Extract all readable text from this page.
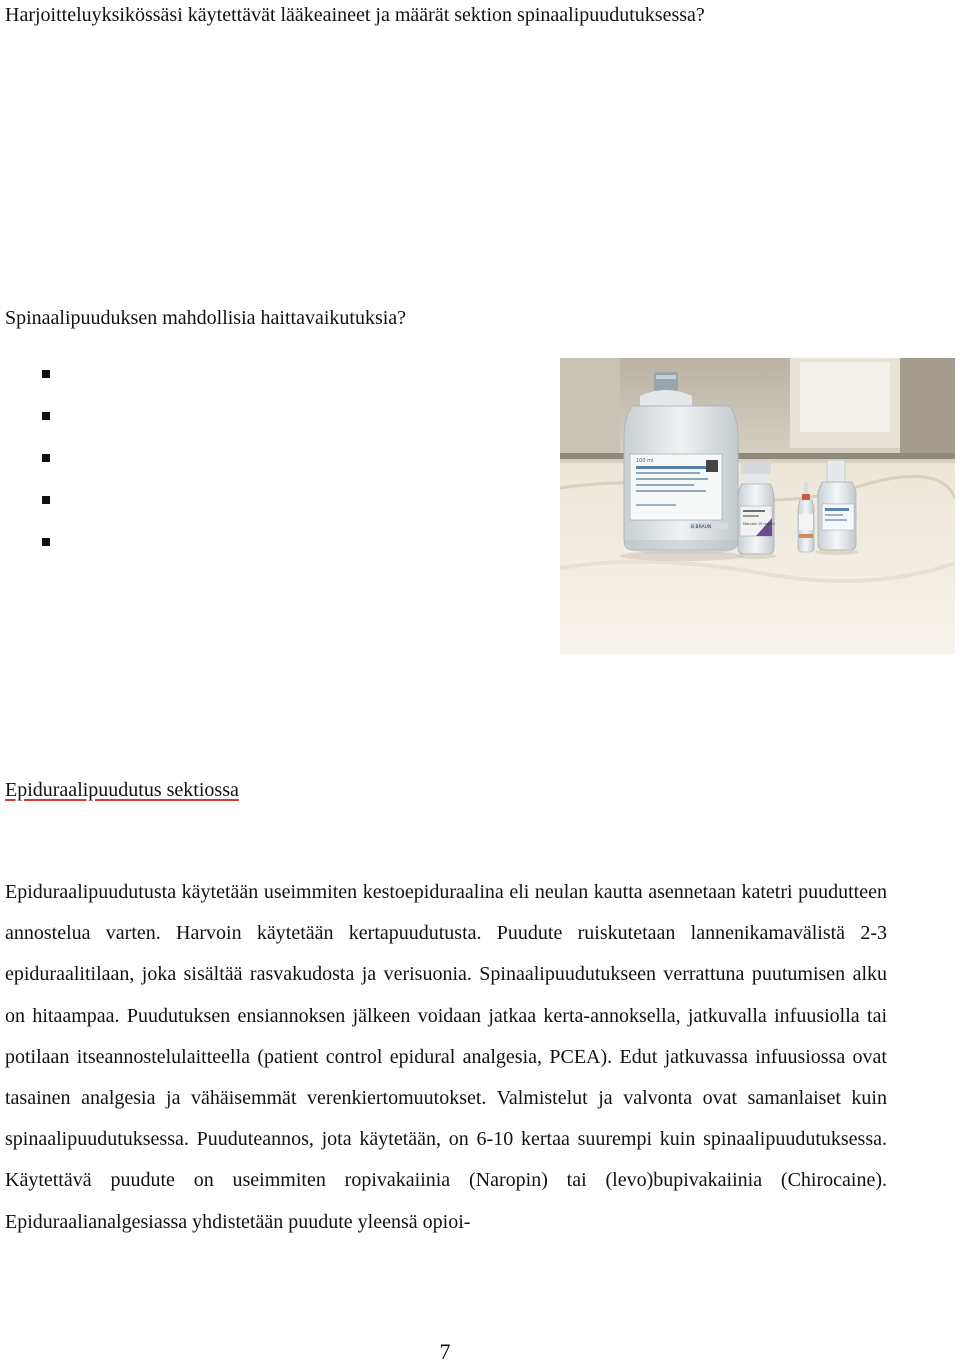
Harjoitteluyksikössäsi käytettävät lääkeaineet ja määrät sektion spinaalipuudutuksessa?
Spinaalipuuduksen mahdollisia haittavaikutuksia?
100 ml
B BRAUN
Marcain 10 mg/ml
Epiduraalipuudutus sektiossa

Epiduraalipuudutusta käytetään useimmiten kestoepiduraalina eli neulan kautta asennetaan katetri puudutteen annostelua varten. Harvoin käytetään kertapuudutusta. Puudute ruiskutetaan lannenikamavälistä 2-3 epiduraalitilaan, joka sisältää rasvakudosta ja verisuonia. Spinaalipuudutukseen verrattuna puutumisen alku on hitaampaa. Puudutuksen ensiannoksen jälkeen voidaan jatkaa kerta-annoksella, jatkuvalla infuusiolla tai potilaan itseannostelulaitteella (patient control epidural analgesia, PCEA). Edut jatkuvassa infuusiossa ovat tasainen analgesia ja vähäisemmät verenkiertomuutokset. Valmistelut ja valvonta ovat samanlaiset kuin spinaalipuudutuksessa. Puuduteannos, jota käytetään, on 6-10 kertaa suurempi kuin spinaalipuudutuksessa. Käytettävä puudute on useimmiten ropivakaiinia (Naropin) tai (levo)bupivakaiinia (Chirocaine). Epiduraalianalgesiassa yhdistetään puudute yleensä opioi-

7
